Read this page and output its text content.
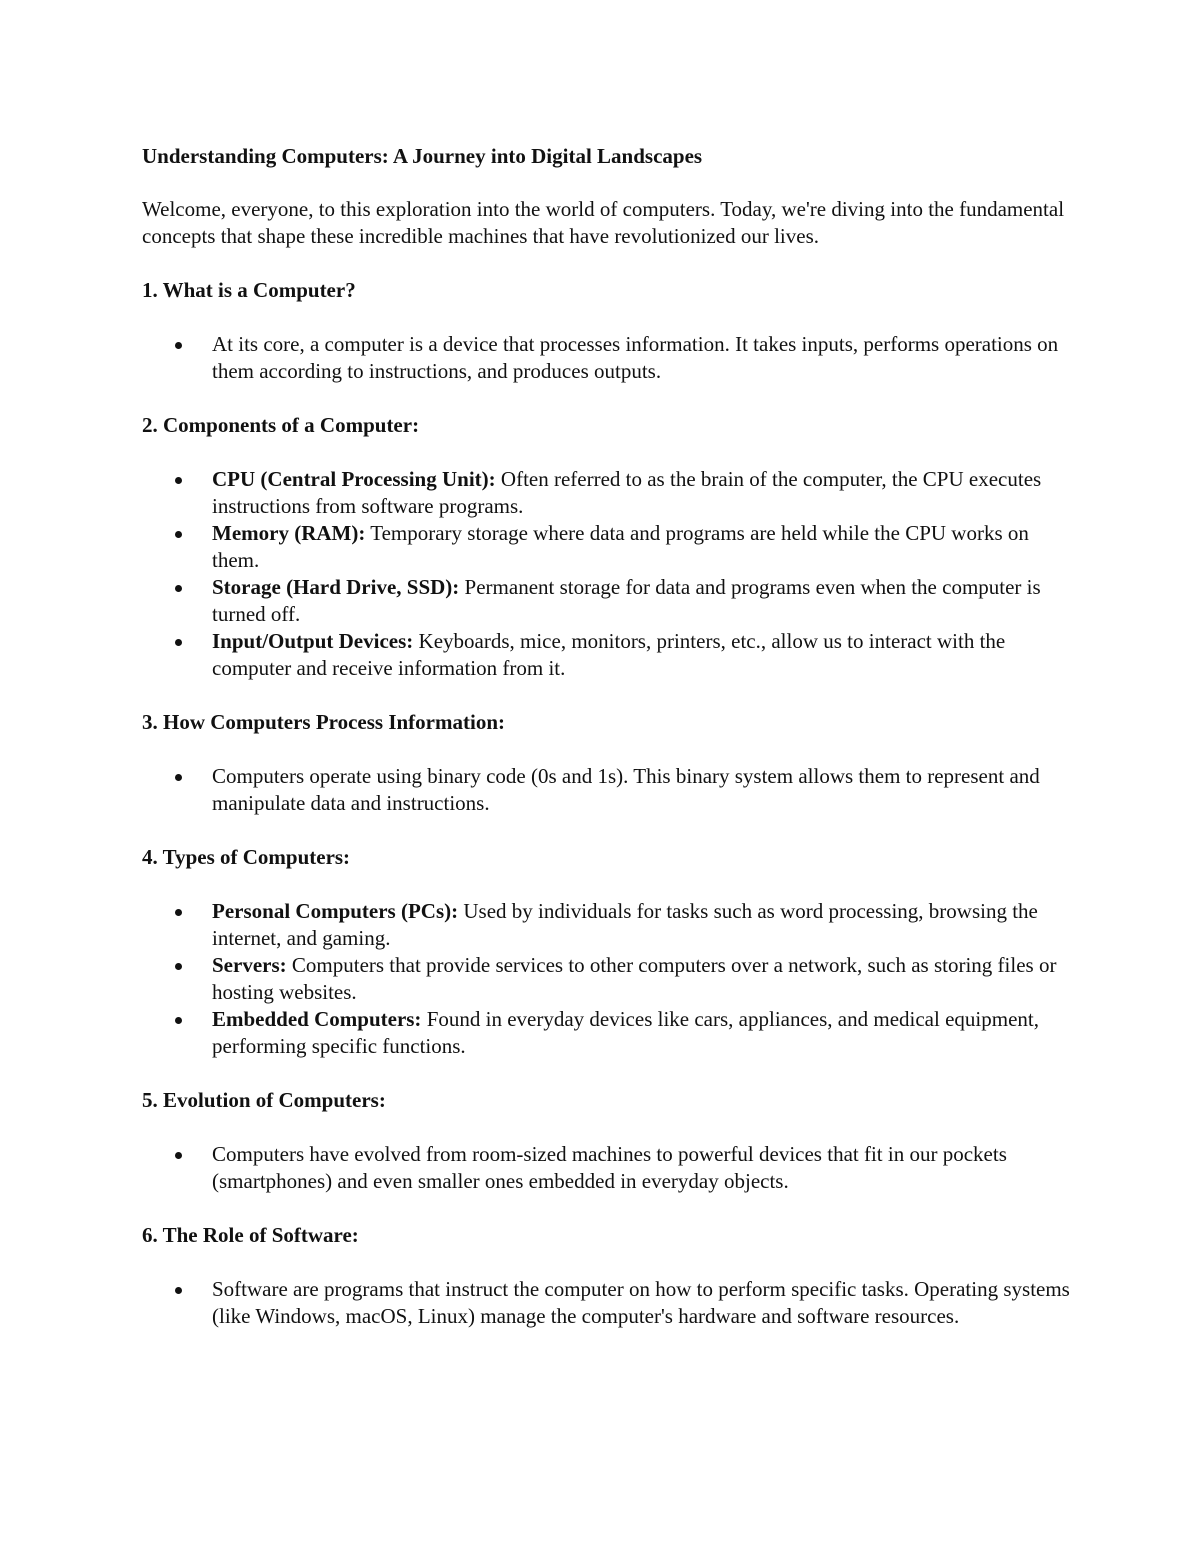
Understanding Computers: A Journey into Digital Landscapes

Welcome, everyone, to this exploration into the world of computers. Today, we're diving into the fundamental concepts that shape these incredible machines that have revolutionized our lives.

1. What is a Computer?
At its core, a computer is a device that processes information. It takes inputs, performs operations on them according to instructions, and produces outputs.
2. Components of a Computer:
CPU (Central Processing Unit): Often referred to as the brain of the computer, the CPU executes instructions from software programs.
Memory (RAM): Temporary storage where data and programs are held while the CPU works on them.
Storage (Hard Drive, SSD): Permanent storage for data and programs even when the computer is turned off.
Input/Output Devices: Keyboards, mice, monitors, printers, etc., allow us to interact with the computer and receive information from it.
3. How Computers Process Information:
Computers operate using binary code (0s and 1s). This binary system allows them to represent and manipulate data and instructions.
4. Types of Computers:
Personal Computers (PCs): Used by individuals for tasks such as word processing, browsing the internet, and gaming.
Servers: Computers that provide services to other computers over a network, such as storing files or hosting websites.
Embedded Computers: Found in everyday devices like cars, appliances, and medical equipment, performing specific functions.
5. Evolution of Computers:
Computers have evolved from room-sized machines to powerful devices that fit in our pockets (smartphones) and even smaller ones embedded in everyday objects.
6. The Role of Software:
Software are programs that instruct the computer on how to perform specific tasks. Operating systems (like Windows, macOS, Linux) manage the computer's hardware and software resources.
